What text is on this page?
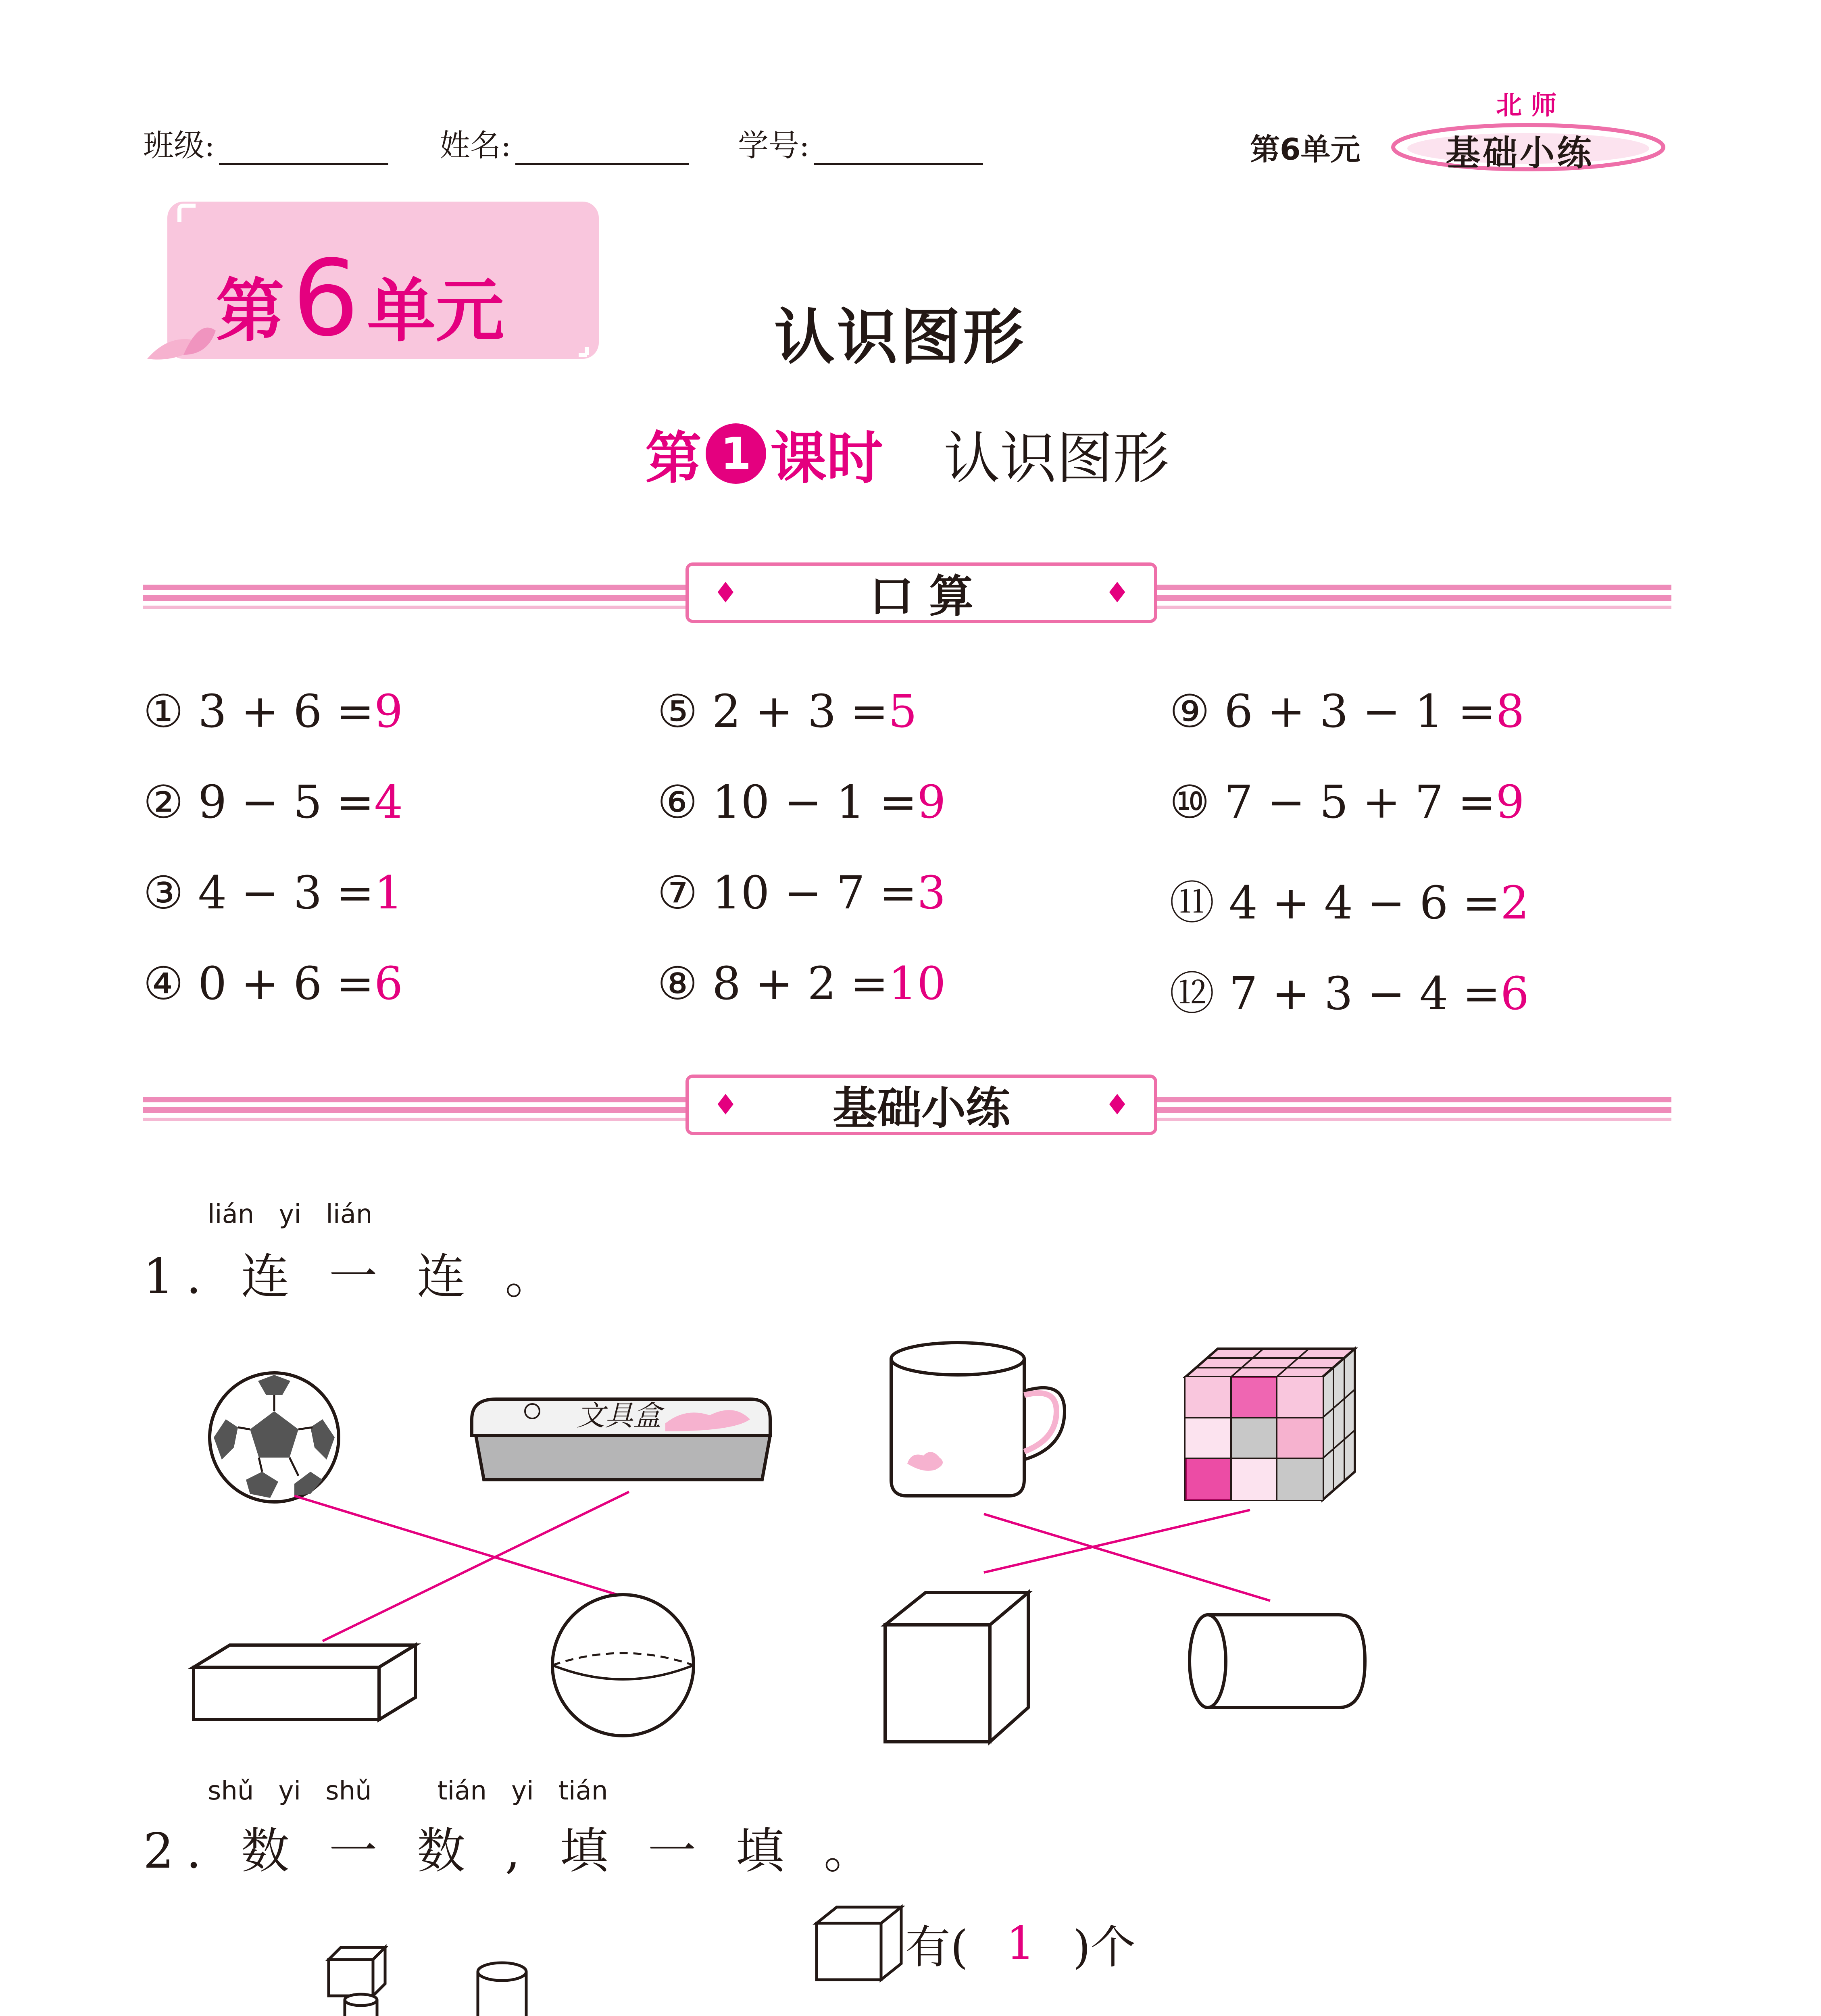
班级:	姓名:	学号:	第6单元
北 师
基础小练
第 6 单元	认识图形
第 1 课时 认识图形
♦	口 算	♦
① 3 + 6 =9
② 9 − 5 =4
③ 4 − 3 =1
④ 0 + 6 =6
⑤ 2 + 3 =5
⑥ 10 − 1 =9
⑦ 10 − 7 =3
⑧ 8 + 2 =10
⑨ 6 + 3 − 1 =8
⑩ 7 − 5 + 7 =9
⑪ 4 + 4 − 6 =2
⑫ 7 + 3 − 4 =6
♦ 基础小练	♦
lián   yi   lián
1. 连 一 连 。
文具盒
shǔ   yi   shǔ        tián   yi   tián
2. 数 一 数 , 填 一 填 。
有( 1 )个
